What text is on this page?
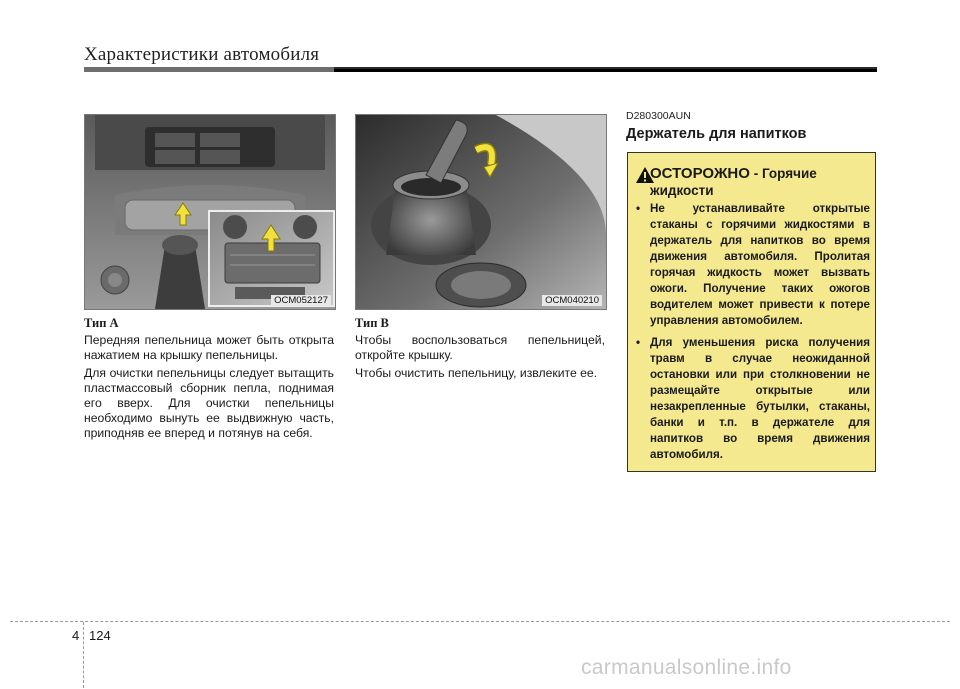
Характеристики автомобиля
OCM052127	OCM040210
Тип A

Передняя пепельница может быть открыта нажатием на крышку пепельницы.

Для очистки пепельницы следует вытащить пластмассовый сборник пепла, поднимая его вверх. Для очистки пепельницы необходимо вынуть ее выдвижную часть, приподняв ее вперед и потянув на себя.

Тип B

Чтобы воспользоваться пепельницей, откройте крышку.

Чтобы очистить пепельницу, извлеките ее.

D280300AUN
Держатель для напитков
ОСТОРОЖНО - Горячие жидкости
• Не устанавливайте открытые стаканы с горячими жидкостями в держатель для напитков во время движения автомобиля. Пролитая горячая жидкость может вызвать ожоги. Получение таких ожогов водителем может привести к потере управления автомобилем.
• Для уменьшения риска получения травм в случае неожиданной остановки или при столкновении не размещайте открытые или незакрепленные бутылки, стаканы, банки и т.п. в держателе для напитков во время движения автомобиля.
4 124
carmanualsonline.info
